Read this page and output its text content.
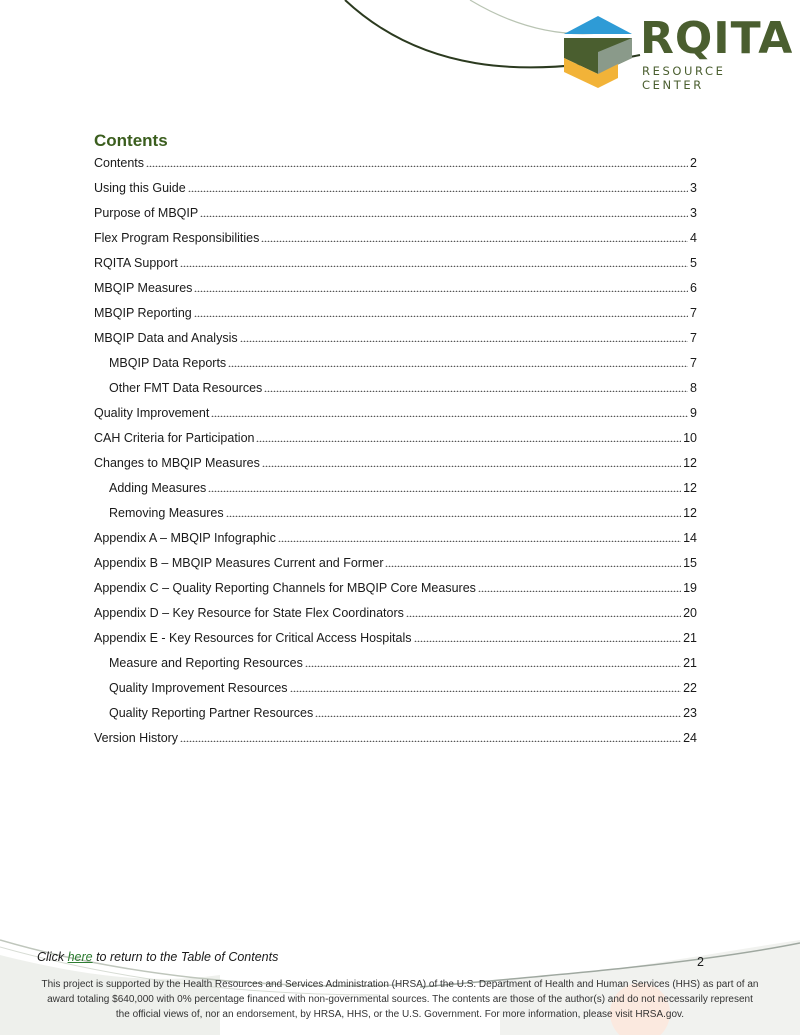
RQITA
RESOURCE CENTER
Contents
Contents	2
Using this Guide	3
Purpose of MBQIP	3
Flex Program Responsibilities	4
RQITA Support	5
MBQIP Measures	6
MBQIP Reporting	7
MBQIP Data and Analysis	7
MBQIP Data Reports	7
Other FMT Data Resources	8
Quality Improvement	9
CAH Criteria for Participation	10
Changes to MBQIP Measures	12
Adding Measures	12
Removing Measures	12
Appendix A – MBQIP Infographic	14
Appendix B – MBQIP Measures Current and Former	15
Appendix C – Quality Reporting Channels for MBQIP Core Measures	19
Appendix D – Key Resource for State Flex Coordinators	20
Appendix E - Key Resources for Critical Access Hospitals	21
Measure and Reporting Resources	21
Quality Improvement Resources	22
Quality Reporting Partner Resources	23
Version History	24
Click here to return to the Table of Contents	2
This project is supported by the Health Resources and Services Administration (HRSA) of the U.S. Department of Health and Human Services (HHS) as part of an award totaling $640,000 with 0% percentage financed with non-governmental sources. The contents are those of the author(s) and do not necessarily represent the official views of, nor an endorsement, by HRSA, HHS, or the U.S. Government. For more information, please visit HRSA.gov.
